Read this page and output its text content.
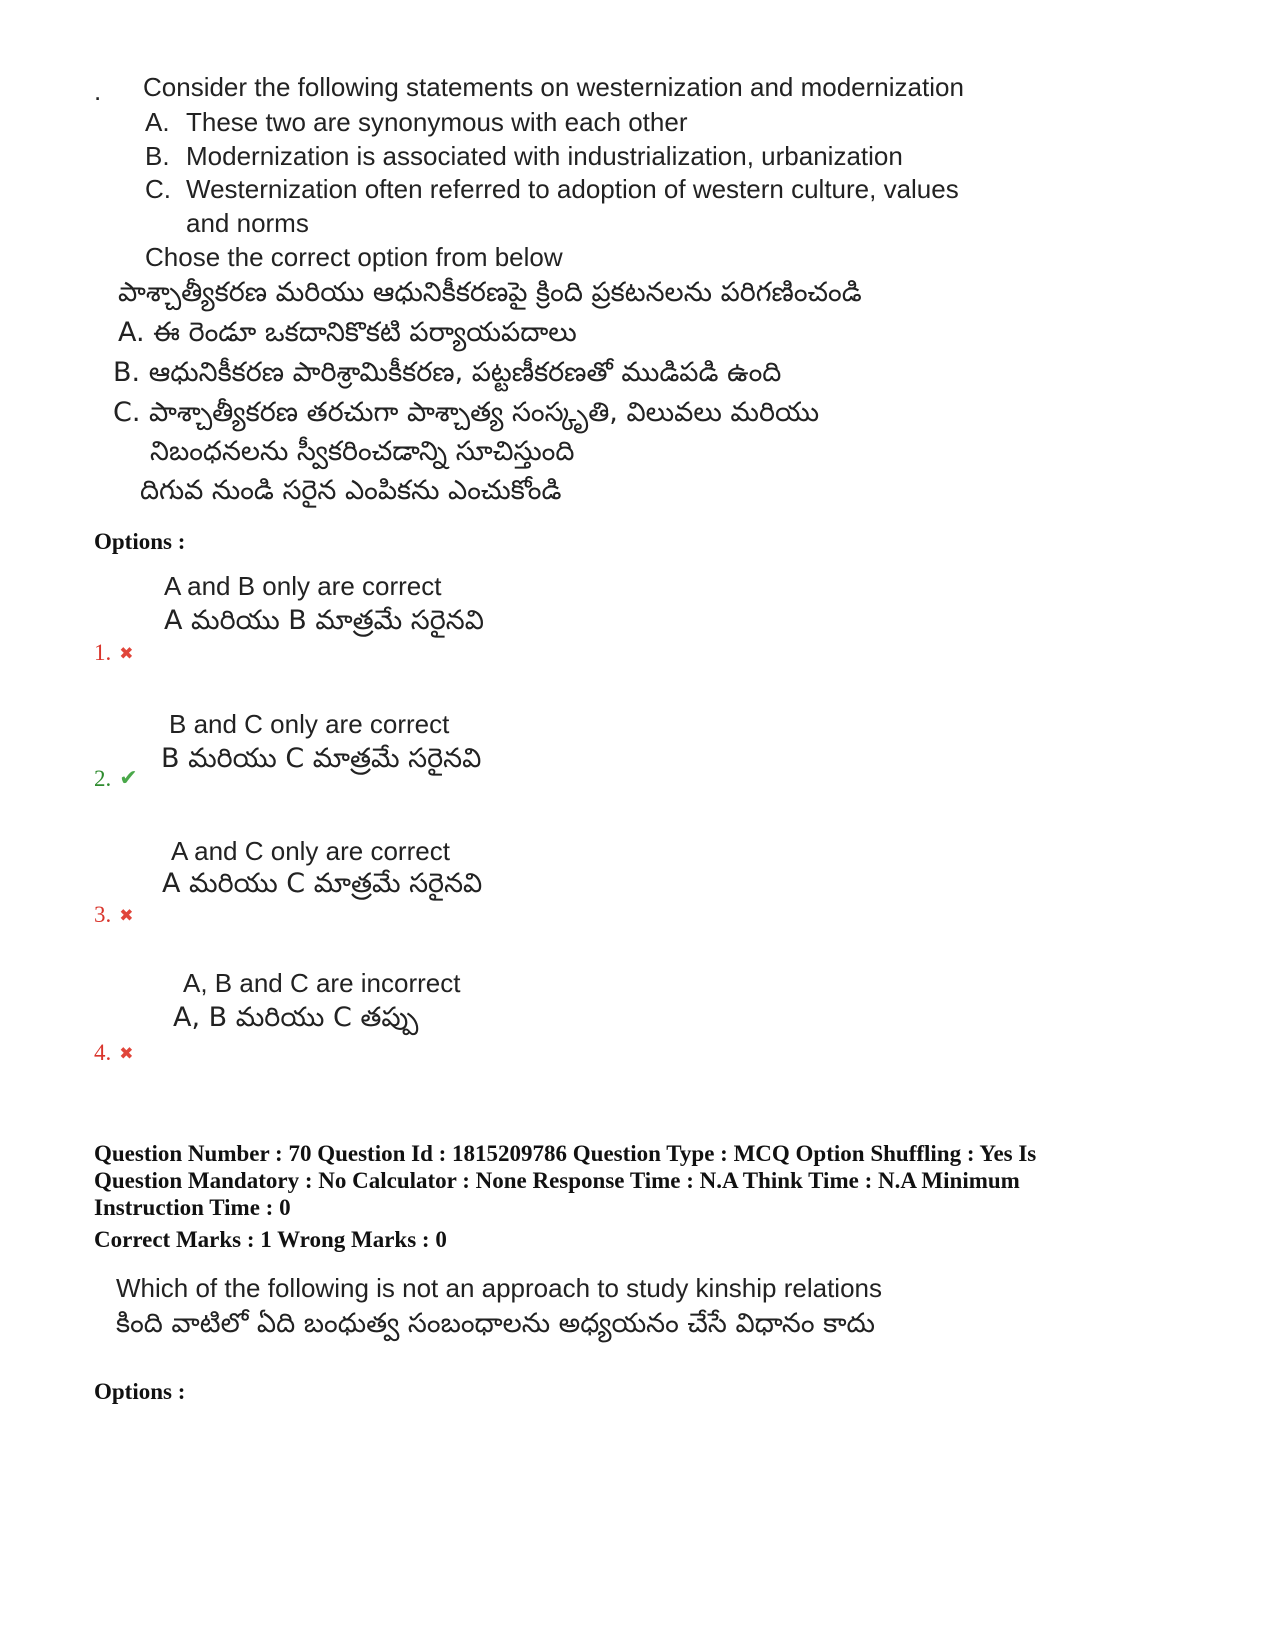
. Consider the following statements on westernization and modernization
A. These two are synonymous with each other
B. Modernization is associated with industrialization, urbanization
C. Westernization often referred to adoption of western culture, values
and norms
Chose the correct option from below
పాశ్చాత్యీకరణ మరియు ఆధునికీకరణపై క్రింది ప్రకటనలను పరిగణించండి
A. ఈ రెండూ ఒకదానికొకటి పర్యాయపదాలు
B. ఆధునికీకరణ పారిశ్రామికీకరణ, పట్టణీకరణతో ముడిపడి ఉంది
C. పాశ్చాత్యీకరణ తరచుగా పాశ్చాత్య సంస్కృతి, విలువలు మరియు
నిబంధనలను స్వీకరించడాన్ని సూచిస్తుంది
దిగువ నుండి సరైన ఎంపికను ఎంచుకోండి
Options :
A and B only are correct
A మరియు B మాత్రమే సరైనవి
1. ✖
B and C only are correct
B మరియు C మాత్రమే సరైనవి
2. ✔
A and C only are correct
A మరియు C మాత్రమే సరైనవి
3. ✖
A, B and C are incorrect
A, B మరియు C తప్పు
4. ✖
Question Number : 70 Question Id : 1815209786 Question Type : MCQ Option Shuffling : Yes Is
Question Mandatory : No Calculator : None Response Time : N.A Think Time : N.A Minimum
Instruction Time : 0
Correct Marks : 1 Wrong Marks : 0
Which of the following is not an approach to study kinship relations
కింది వాటిలో ఏది బంధుత్వ సంబంధాలను అధ్యయనం చేసే విధానం కాదు
Options :
